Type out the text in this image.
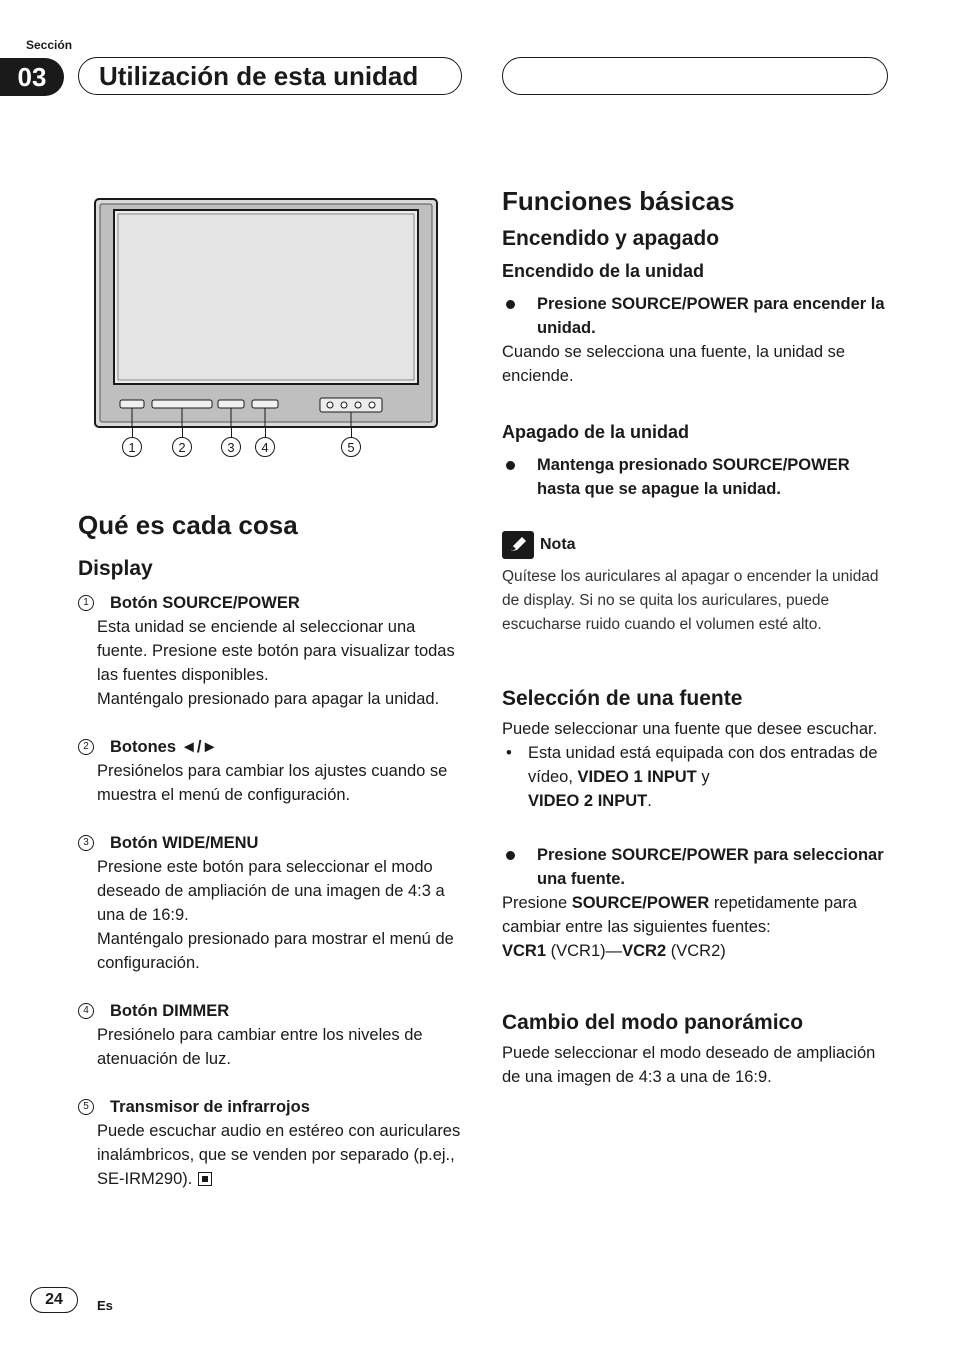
Sección
03	Utilización de esta unidad
1	2	3	4	5
Qué es cada cosa
Display
1	Botón SOURCE/POWER

Esta unidad se enciende al seleccionar una fuente. Presione este botón para visualizar todas las fuentes disponibles.

Manténgalo presionado para apagar la unidad.

2	Botones ◄/►

Presiónelos para cambiar los ajustes cuando se muestra el menú de configuración.

3	Botón WIDE/MENU

Presione este botón para seleccionar el modo deseado de ampliación de una imagen de 4:3 a una de 16:9.

Manténgalo presionado para mostrar el menú de configuración.

4	Botón DIMMER

Presiónelo para cambiar entre los niveles de atenuación de luz.

5	Transmisor de infrarrojos

Puede escuchar audio en estéreo con auriculares inalámbricos, que se venden por separado (p.ej., SE-IRM290).

Funciones básicas
Encendido y apagado
Encendido de la unidad
Presione SOURCE/POWER para encender la unidad.

Cuando se selecciona una fuente, la unidad se enciende.

Apagado de la unidad
Mantenga presionado SOURCE/POWER hasta que se apague la unidad.
Nota

Quítese los auriculares al apagar o encender la unidad de display. Si no se quita los auriculares, puede escucharse ruido cuando el volumen esté alto.

Selección de una fuente

Puede seleccionar una fuente que desee escuchar.

• Esta unidad está equipada con dos entradas de vídeo, VIDEO 1 INPUT y
VIDEO 2 INPUT.
Presione SOURCE/POWER para seleccionar una fuente.

Presione SOURCE/POWER repetidamente para cambiar entre las siguientes fuentes:

VCR1 (VCR1)—VCR2 (VCR2)

Cambio del modo panorámico

Puede seleccionar el modo deseado de ampliación de una imagen de 4:3 a una de 16:9.

24	Es
